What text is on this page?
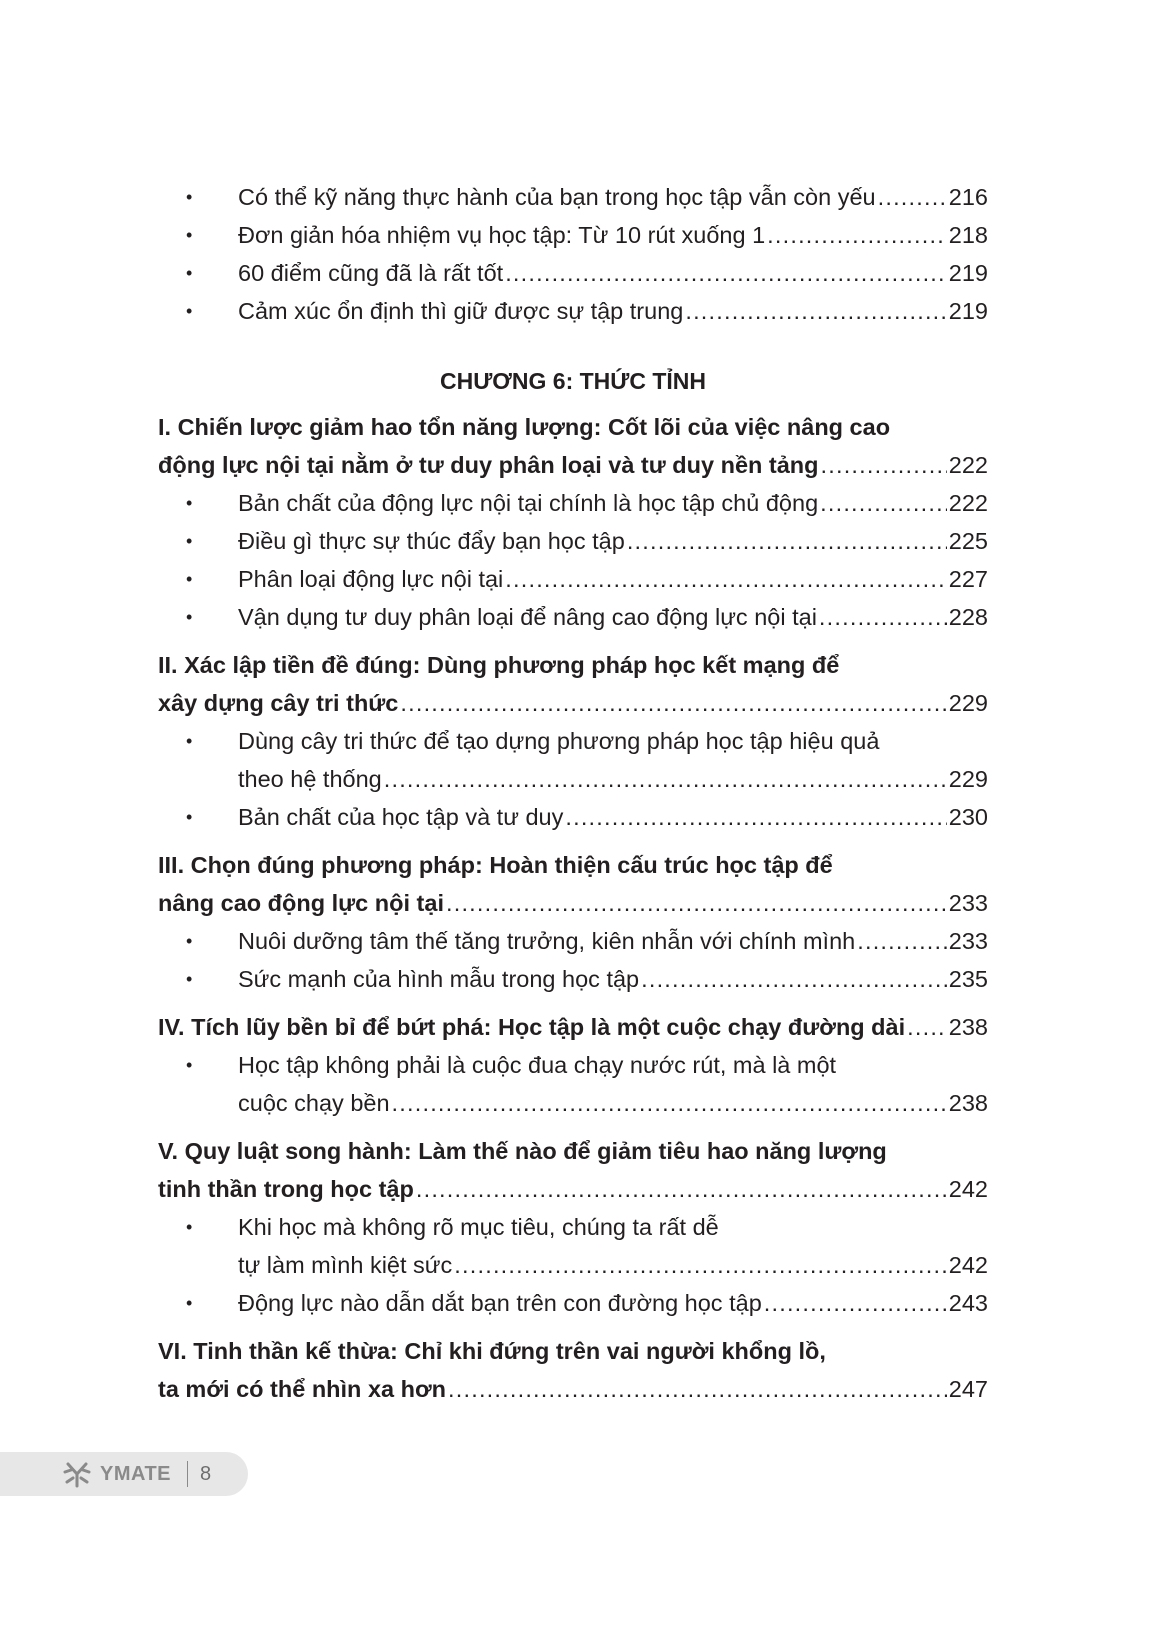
• Có thể kỹ năng thực hành của bạn trong học tập vẫn còn yếu .....	216
• Đơn giản hóa nhiệm vụ học tập: Từ 10 rút xuống 1 .....	218
• 60 điểm cũng đã là rất tốt .....	219
• Cảm xúc ổn định thì giữ được sự tập trung .....	219
CHƯƠNG 6: THỨC TỈNH
I. Chiến lược giảm hao tổn năng lượng: Cốt lõi của việc nâng cao
động lực nội tại nằm ở tư duy phân loại và tư duy nền tảng .....	222
• Bản chất của động lực nội tại chính là học tập chủ động .....	222
• Điều gì thực sự thúc đẩy bạn học tập .....	225
• Phân loại động lực nội tại .....	227
• Vận dụng tư duy phân loại để nâng cao động lực nội tại .....	228
II. Xác lập tiền đề đúng: Dùng phương pháp học kết mạng để
xây dựng cây tri thức .....	229
• Dùng cây tri thức để tạo dựng phương pháp học tập hiệu quả
theo hệ thống .....	229
• Bản chất của học tập và tư duy .....	230
III. Chọn đúng phương pháp: Hoàn thiện cấu trúc học tập để
nâng cao động lực nội tại .....	233
• Nuôi dưỡng tâm thế tăng trưởng, kiên nhẫn với chính mình .....	233
• Sức mạnh của hình mẫu trong học tập .....	235
IV. Tích lũy bền bỉ để bứt phá: Học tập là một cuộc chạy đường dài ..... 238
• Học tập không phải là cuộc đua chạy nước rút, mà là một
cuộc chạy bền .....	238
V. Quy luật song hành: Làm thế nào để giảm tiêu hao năng lượng
tinh thần trong học tập .....	242
• Khi học mà không rõ mục tiêu, chúng ta rất dễ
tự làm mình kiệt sức .....	242
• Động lực nào dẫn dắt bạn trên con đường học tập .....	243
VI. Tinh thần kế thừa: Chỉ khi đứng trên vai người khổng lồ,
ta mới có thể nhìn xa hơn .....	247
YMATE 8
